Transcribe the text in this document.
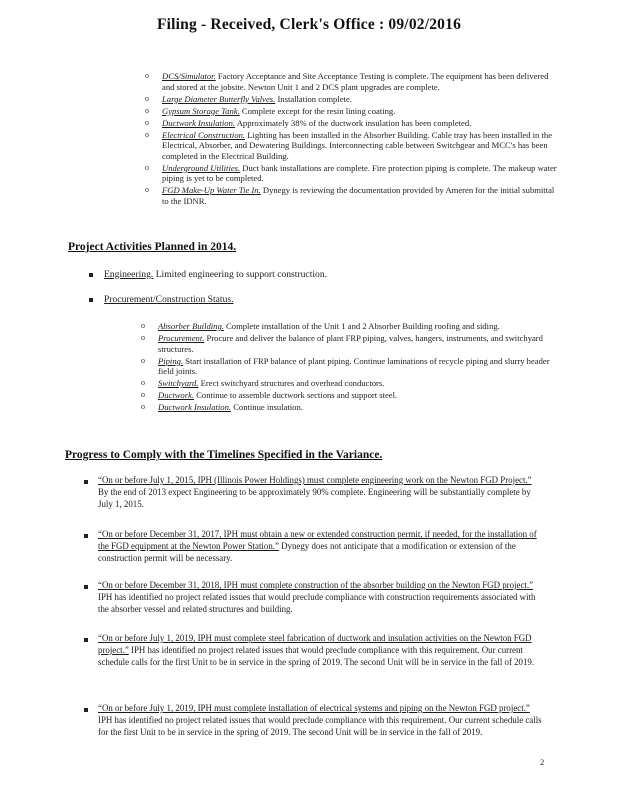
Filing - Received, Clerk's Office : 09/02/2016
o DCS/Simulator. Factory Acceptance and Site Acceptance Testing is complete. The equipment has been delivered and stored at the jobsite. Newton Unit 1 and 2 DCS plant upgrades are complete.
o Large Diameter Butterfly Valves. Installation complete.
o Gypsum Storage Tank. Complete except for the resin lining coating.
o Ductwork Insulation. Approximately 38% of the ductwork insulation has been completed.
o Electrical Construction. Lighting has been installed in the Absorber Building. Cable tray has been installed in the Electrical, Absorber, and Dewatering Buildings. Interconnecting cable between Switchgear and MCC's has been completed in the Electrical Building.
o Underground Utilities. Duct bank installations are complete. Fire protection piping is complete. The makeup water piping is yet to be completed.
o FGD Make-Up Water Tie In. Dynegy is reviewing the documentation provided by Ameren for the initial submittal to the IDNR.
Project Activities Planned in 2014.
Engineering. Limited engineering to support construction.
Procurement/Construction Status.
o Absorber Building. Complete installation of the Unit 1 and 2 Absorber Building roofing and siding.
o Procurement. Procure and deliver the balance of plant FRP piping, valves, hangers, instruments, and switchyard structures.
o Piping. Start installation of FRP balance of plant piping. Continue laminations of recycle piping and slurry header field joints.
o Switchyard. Erect switchyard structures and overhead conductors.
o Ductwork. Continue to assemble ductwork sections and support steel.
o Ductwork Insulation. Continue insulation.
Progress to Comply with the Timelines Specified in the Variance.
“On or before July 1, 2015, IPH (Illinois Power Holdings) must complete engineering work on the Newton FGD Project.” By the end of 2013 expect Engineering to be approximately 90% complete. Engineering will be substantially complete by July 1, 2015.
“On or before December 31, 2017, IPH must obtain a new or extended construction permit, if needed, for the installation of the FGD equipment at the Newton Power Station.” Dynegy does not anticipate that a modification or extension of the construction permit will be necessary.
“On or before December 31, 2018, IPH must complete construction of the absorber building on the Newton FGD project.” IPH has identified no project related issues that would preclude compliance with construction requirements associated with the absorber vessel and related structures and building.
“On or before July 1, 2019, IPH must complete steel fabrication of ductwork and insulation activities on the Newton FGD project.” IPH has identified no project related issues that would preclude compliance with this requirement. Our current schedule calls for the first Unit to be in service in the spring of 2019. The second Unit will be in service in the fall of 2019.
“On or before July 1, 2019, IPH must complete installation of electrical systems and piping on the Newton FGD project.” IPH has identified no project related issues that would preclude compliance with this requirement. Our current schedule calls for the first Unit to be in service in the spring of 2019. The second Unit will be in service in the fall of 2019.
2
